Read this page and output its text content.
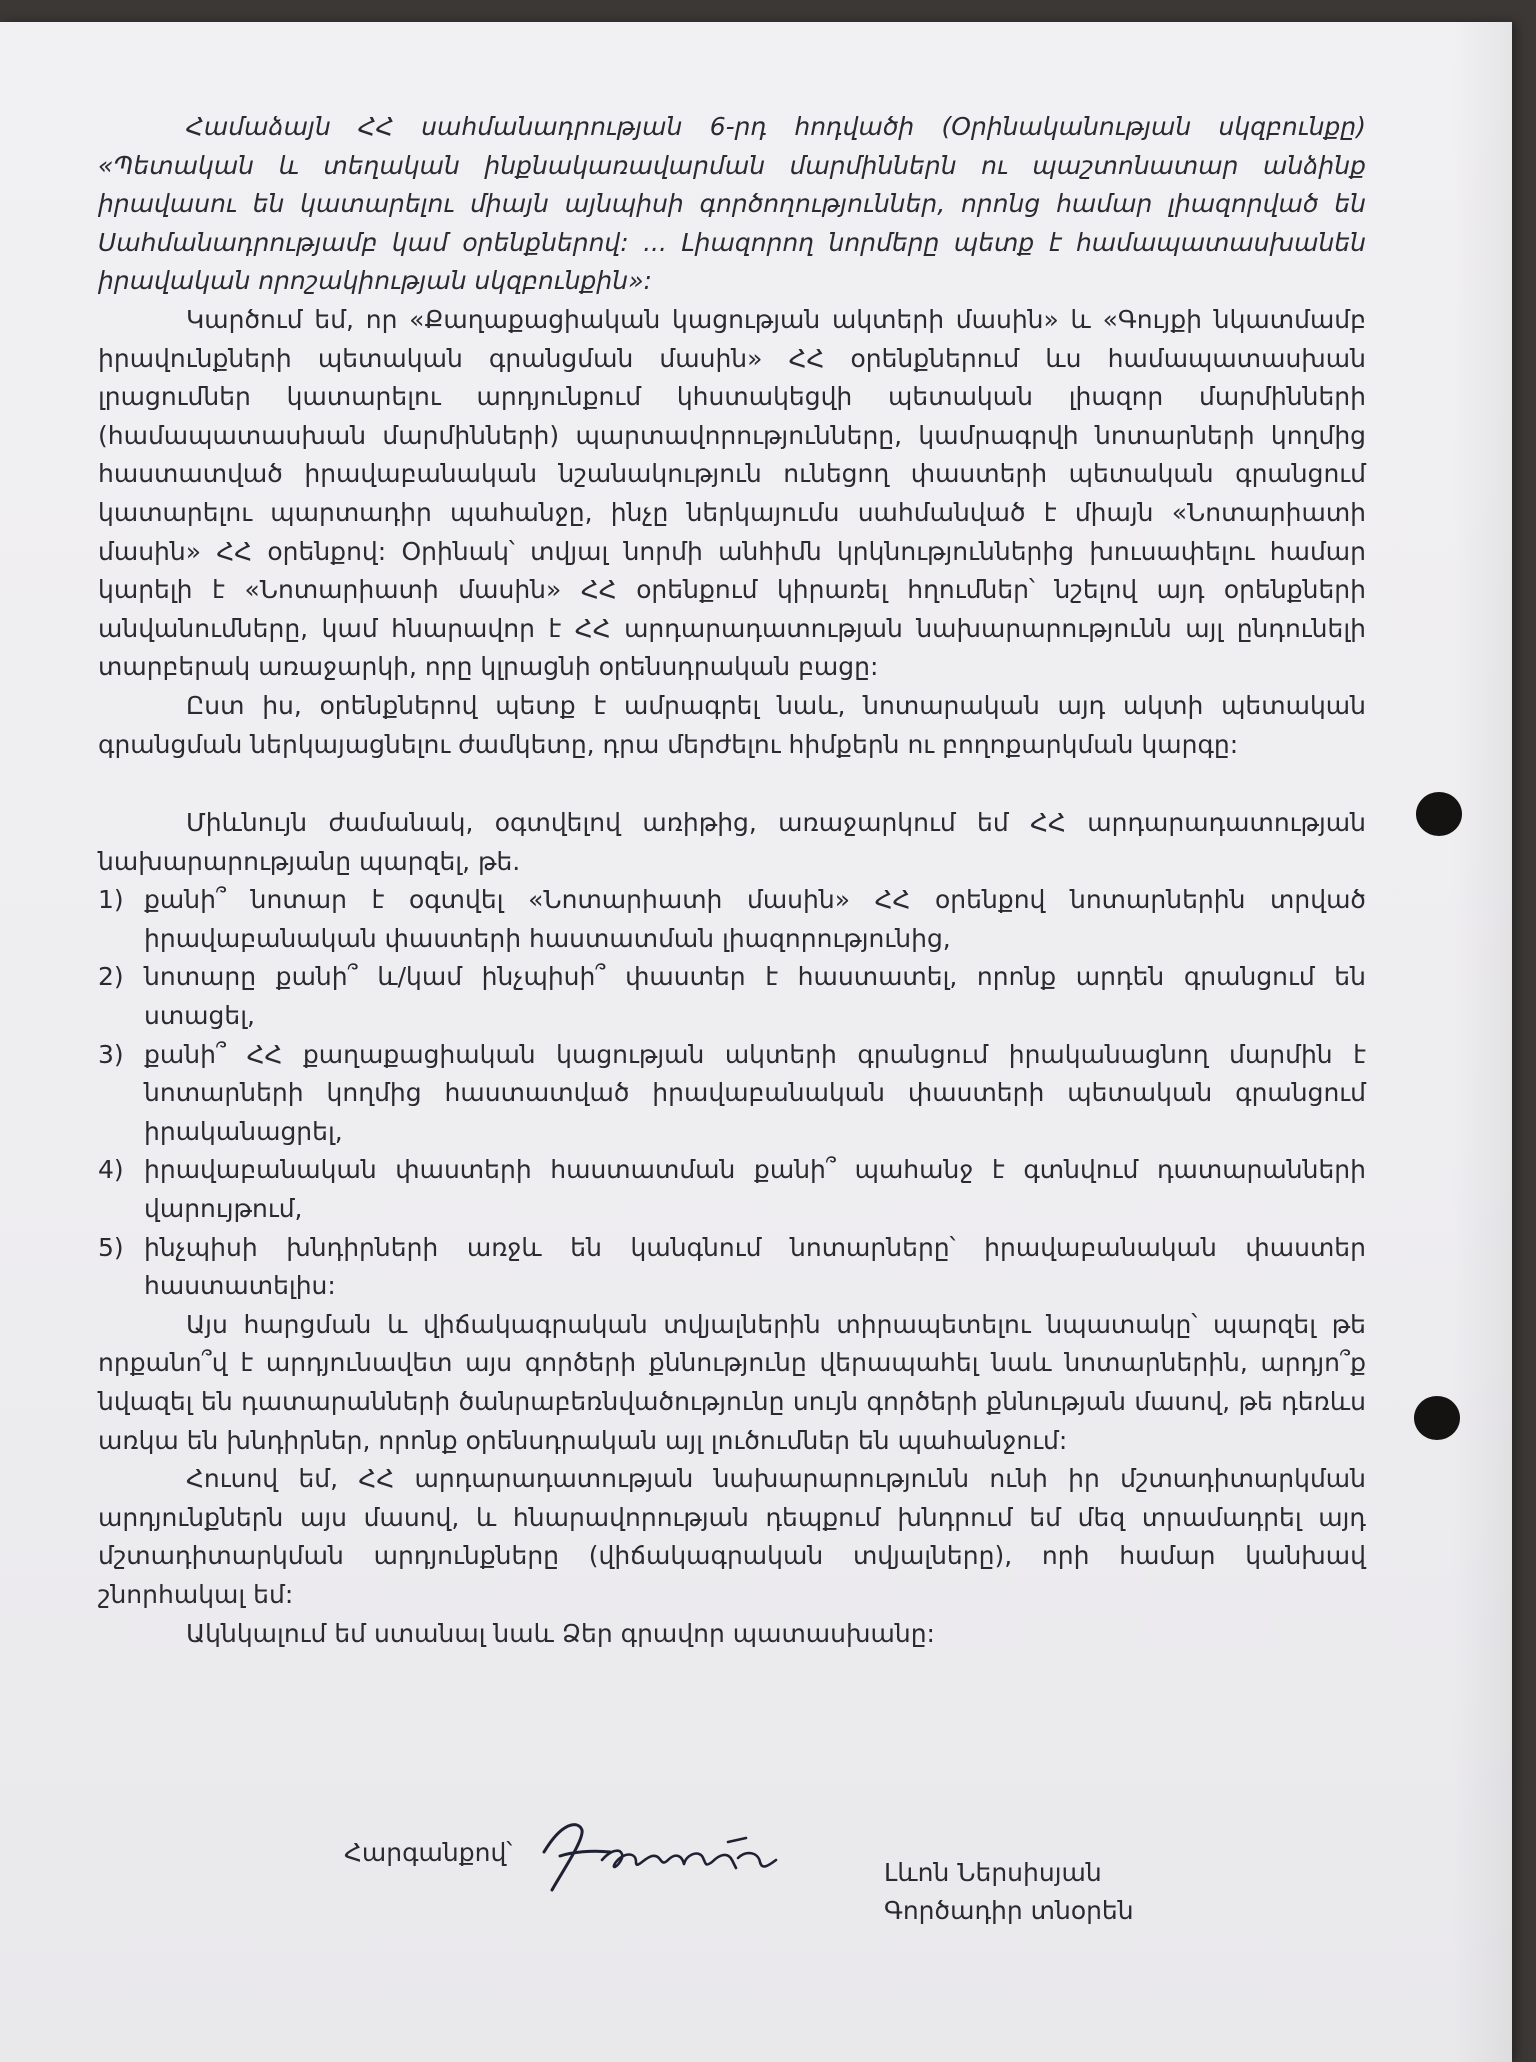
Համաձայն ՀՀ սահմանադրության 6-րդ հոդվածի (Օրինականության սկզբունքը) «Պետական և տեղական ինքնակառավարման մարմիններն ու պաշտոնատար անձինք իրավասու են կատարելու միայն այնպիսի գործողություններ, որոնց համար լիազորված են Սահմանադրությամբ կամ օրենքներով: ... Լիազորող նորմերը պետք է համապատասխանեն իրավական որոշակիության սկզբունքին»:

Կարծում եմ, որ «Քաղաքացիական կացության ակտերի մասին» և «Գույքի նկատմամբ իրավունքների պետական գրանցման մասին» ՀՀ օրենքներում ևս համապատասխան լրացումներ կատարելու արդյունքում կհստակեցվի պետական լիազոր մարմինների (համապատասխան մարմինների) պարտավորությունները, կամրագրվի նոտարների կողմից հաստատված իրավաբանական նշանակություն ունեցող փաստերի պետական գրանցում կատարելու պարտադիր պահանջը, ինչը ներկայումս սահմանված է միայն «Նոտարիատի մասին» ՀՀ օրենքով: Օրինակ՝ տվյալ նորմի անհիմն կրկնություններից խուսափելու համար կարելի է «Նոտարիատի մասին» ՀՀ օրենքում կիրառել հղումներ՝ նշելով այդ օրենքների անվանումները, կամ հնարավոր է ՀՀ արդարադատության նախարարությունն այլ ընդունելի տարբերակ առաջարկի, որը կլրացնի օրենսդրական բացը:

Ըստ իս, օրենքներով պետք է ամրագրել նաև, նոտարական այդ ակտի պետական գրանցման ներկայացնելու ժամկետը, դրա մերժելու հիմքերն ու բողոքարկման կարգը:

Միևնույն ժամանակ, օգտվելով առիթից, առաջարկում եմ ՀՀ արդարադատության նախարարությանը պարզել, թե.

1) քանի՞ նոտար է օգտվել «Նոտարիատի մասին» ՀՀ օրենքով նոտարներին տրված իրավաբանական փաստերի հաստատման լիազորությունից,
2) նոտարը քանի՞ և/կամ ինչպիսի՞ փաստեր է հաստատել, որոնք արդեն գրանցում են ստացել,
3) քանի՞ ՀՀ քաղաքացիական կացության ակտերի գրանցում իրականացնող մարմին է նոտարների կողմից հաստատված իրավաբանական փաստերի պետական գրանցում իրականացրել,
4) իրավաբանական փաստերի հաստատման քանի՞ պահանջ է գտնվում դատարանների վարույթում,
5) ինչպիսի խնդիրների առջև են կանգնում նոտարները՝ իրավաբանական փաստեր հաստատելիս:

Այս հարցման և վիճակագրական տվյալներին տիրապետելու նպատակը՝ պարզել թե որքանո՞վ է արդյունավետ այս գործերի քննությունը վերապահել նաև նոտարներին, արդյո՞ք նվազել են դատարանների ծանրաբեռնվածությունը սույն գործերի քննության մասով, թե դեռևս առկա են խնդիրներ, որոնք օրենսդրական այլ լուծումներ են պահանջում:

Հուսով եմ, ՀՀ արդարադատության նախարարությունն ունի իր մշտադիտարկման արդյունքներն այս մասով, և հնարավորության դեպքում խնդրում եմ մեզ տրամադրել այդ մշտադիտարկման արդյունքները (վիճակագրական տվյալները), որի համար կանխավ շնորհակալ եմ:

Ակնկալում եմ ստանալ նաև Ձեր գրավոր պատասխանը:

Հարգանքով՝
Լևոն Ներսիսյան
Գործադիր տնօրեն
